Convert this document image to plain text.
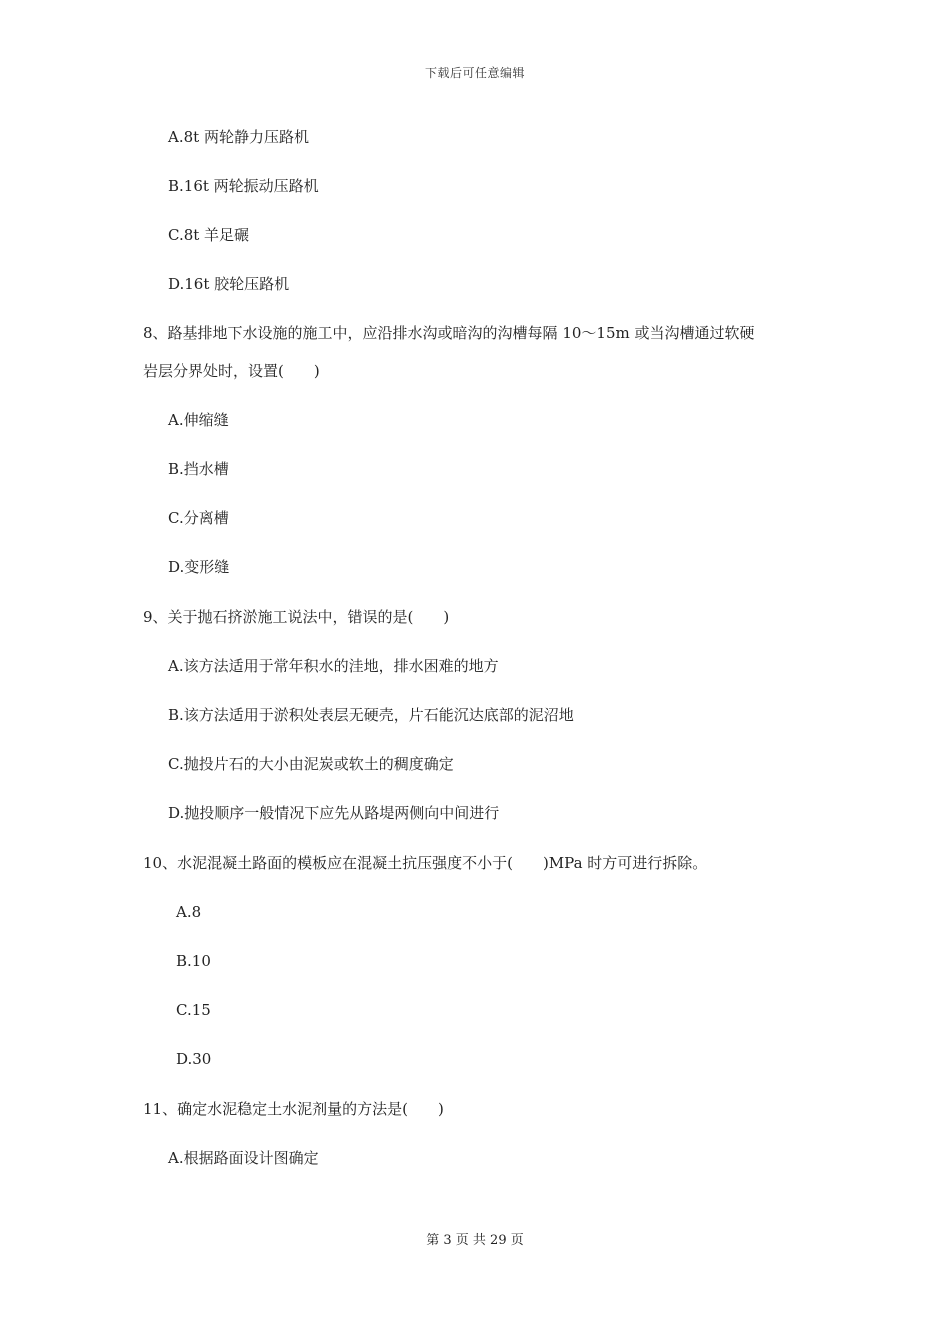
下载后可任意编辑
A.8t 两轮静力压路机
B.16t 两轮振动压路机
C.8t 羊足碾
D.16t 胶轮压路机
8、路基排地下水设施的施工中，应沿排水沟或暗沟的沟槽每隔 10～15m 或当沟槽通过软硬
岩层分界处时，设置(　　)
A.伸缩缝
B.挡水槽
C.分离槽
D.变形缝
9、关于抛石挤淤施工说法中，错误的是(　　)
A.该方法适用于常年积水的洼地，排水困难的地方
B.该方法适用于淤积处表层无硬壳，片石能沉达底部的泥沼地
C.抛投片石的大小由泥炭或软土的稠度确定
D.抛投顺序一般情况下应先从路堤两侧向中间进行
10、水泥混凝土路面的模板应在混凝土抗压强度不小于(　　)MPa 时方可进行拆除。
A.8
B.10
C.15
D.30
11、确定水泥稳定土水泥剂量的方法是(　　)
A.根据路面设计图确定
第 3 页 共 29 页
